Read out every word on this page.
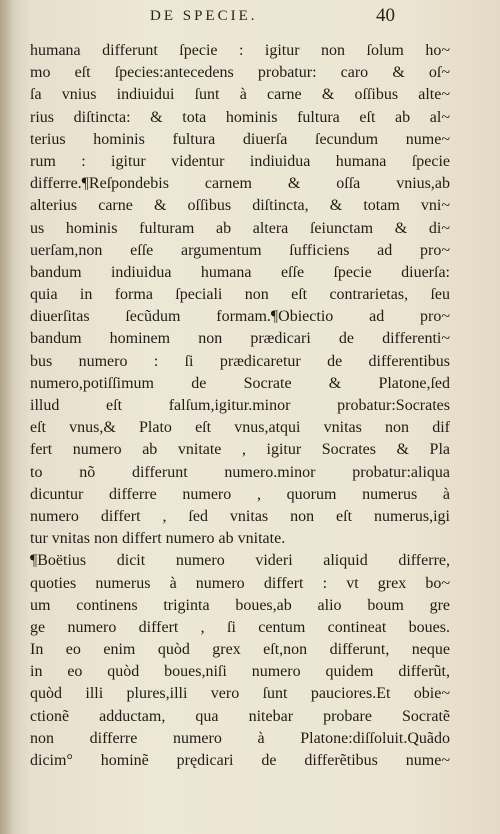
DE SPECIE.	40
humana differunt ſpecie : igitur non ſolum ho~
mo eſt ſpecies:antecedens probatur: caro & oſ~
ſa vnius indiuidui ſunt à carne & oſſibus alte~
rius diſtincta: & tota hominis fultura eſt ab al~
terius hominis fultura diuerſa ſecundum nume~
rum : igitur videntur indiuidua humana ſpecie
differre.¶Reſpondebis carnem & oſſa vnius,ab
alterius carne & oſſibus diſtincta, & totam vni~
us hominis fulturam ab altera ſeiunctam & di~
uerſam,non eſſe argumentum ſufficiens ad pro~
bandum indiuidua humana eſſe ſpecie diuerſa:
quia in forma ſpeciali non eſt contrarietas, ſeu
diuerſitas ſecũdum formam.¶Obiectio ad pro~
bandum hominem non prædicari de differenti~
bus numero : ſi prædicaretur de differentibus
numero,potiſſimum de Socrate & Platone,ſed
illud eſt falſum,igitur.minor probatur:Socrates
eſt vnus,& Plato eſt vnus,atqui vnitas non dif
fert numero ab vnitate , igitur Socrates & Pla
to nõ differunt numero.minor probatur:aliqua
dicuntur differre numero , quorum numerus à
numero differt , ſed vnitas non eſt numerus,igi
tur vnitas non differt numero ab vnitate.
¶Boëtius dicit numero videri aliquid differre,
quoties numerus à numero differt : vt grex bo~
um continens triginta boues,ab alio boum gre
ge numero differt , ſi centum contineat boues.
In eo enim quòd grex eſt,non differunt, neque
in eo quòd boues,niſi numero quidem differũt,
quòd illi plures,illi vero ſunt pauciores.Et obie~
ctionẽ adductam, qua nitebar probare Socratẽ
non differre numero à Platone:diſſoluit.Quãdo
dicim° hominẽ prędicari de differẽtibus nume~
